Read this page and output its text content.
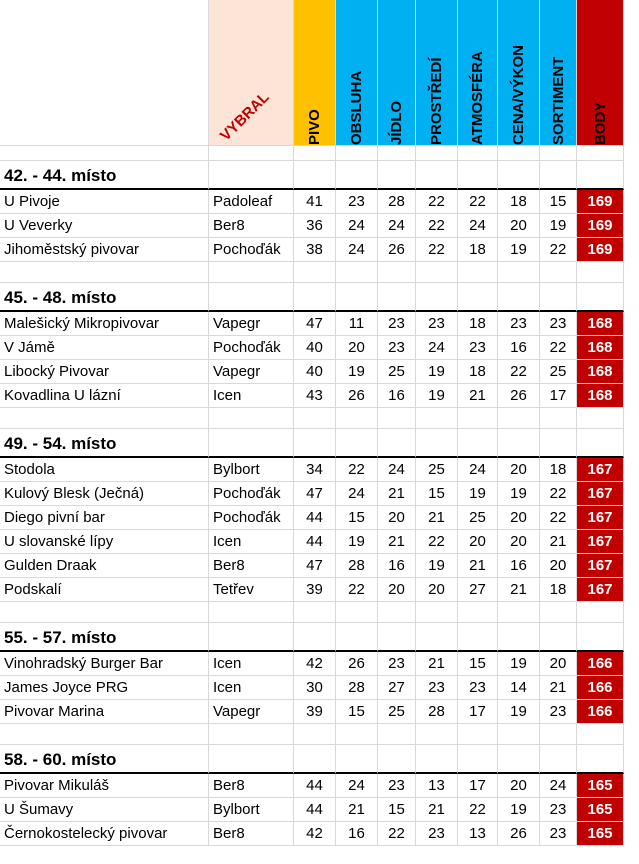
VYBRAL PIVO OBSLUHA JÍDLO PROSTŘEDÍ ATMOSFÉRA CENA/VÝKON SORTIMENT BODY
42. - 44. místo
U Pivoje	Padoleaf	41	23	28	22	22	18	15	169
U Veverky	Ber8	36	24	24	22	24	20	19	169
Jihoměstský pivovar	Pochoďák	38	24	26	22	18	19	22	169
45. - 48. místo
Malešický Mikropivovar	Vapegr	47	11	23	23	18	23	23	168
V Jámě	Pochoďák	40	20	23	24	23	16	22	168
Libocký Pivovar	Vapegr	40	19	25	19	18	22	25	168
Kovadlina U lázní	Icen	43	26	16	19	21	26	17	168
49. - 54. místo
Stodola	Bylbort	34	22	24	25	24	20	18	167
Kulový Blesk (Ječná)	Pochoďák	47	24	21	15	19	19	22	167
Diego pivní bar	Pochoďák	44	15	20	21	25	20	22	167
U slovanské lípy	Icen	44	19	21	22	20	20	21	167
Gulden Draak	Ber8	47	28	16	19	21	16	20	167
Podskalí	Tetřev	39	22	20	20	27	21	18	167
55. - 57. místo
Vinohradský Burger Bar	Icen	42	26	23	21	15	19	20	166
James Joyce PRG	Icen	30	28	27	23	23	14	21	166
Pivovar Marina	Vapegr	39	15	25	28	17	19	23	166
58. - 60. místo
Pivovar Mikuláš	Ber8	44	24	23	13	17	20	24	165
U Šumavy	Bylbort	44	21	15	21	22	19	23	165
Černokostelecký pivovar	Ber8	42	16	22	23	13	26	23	165
